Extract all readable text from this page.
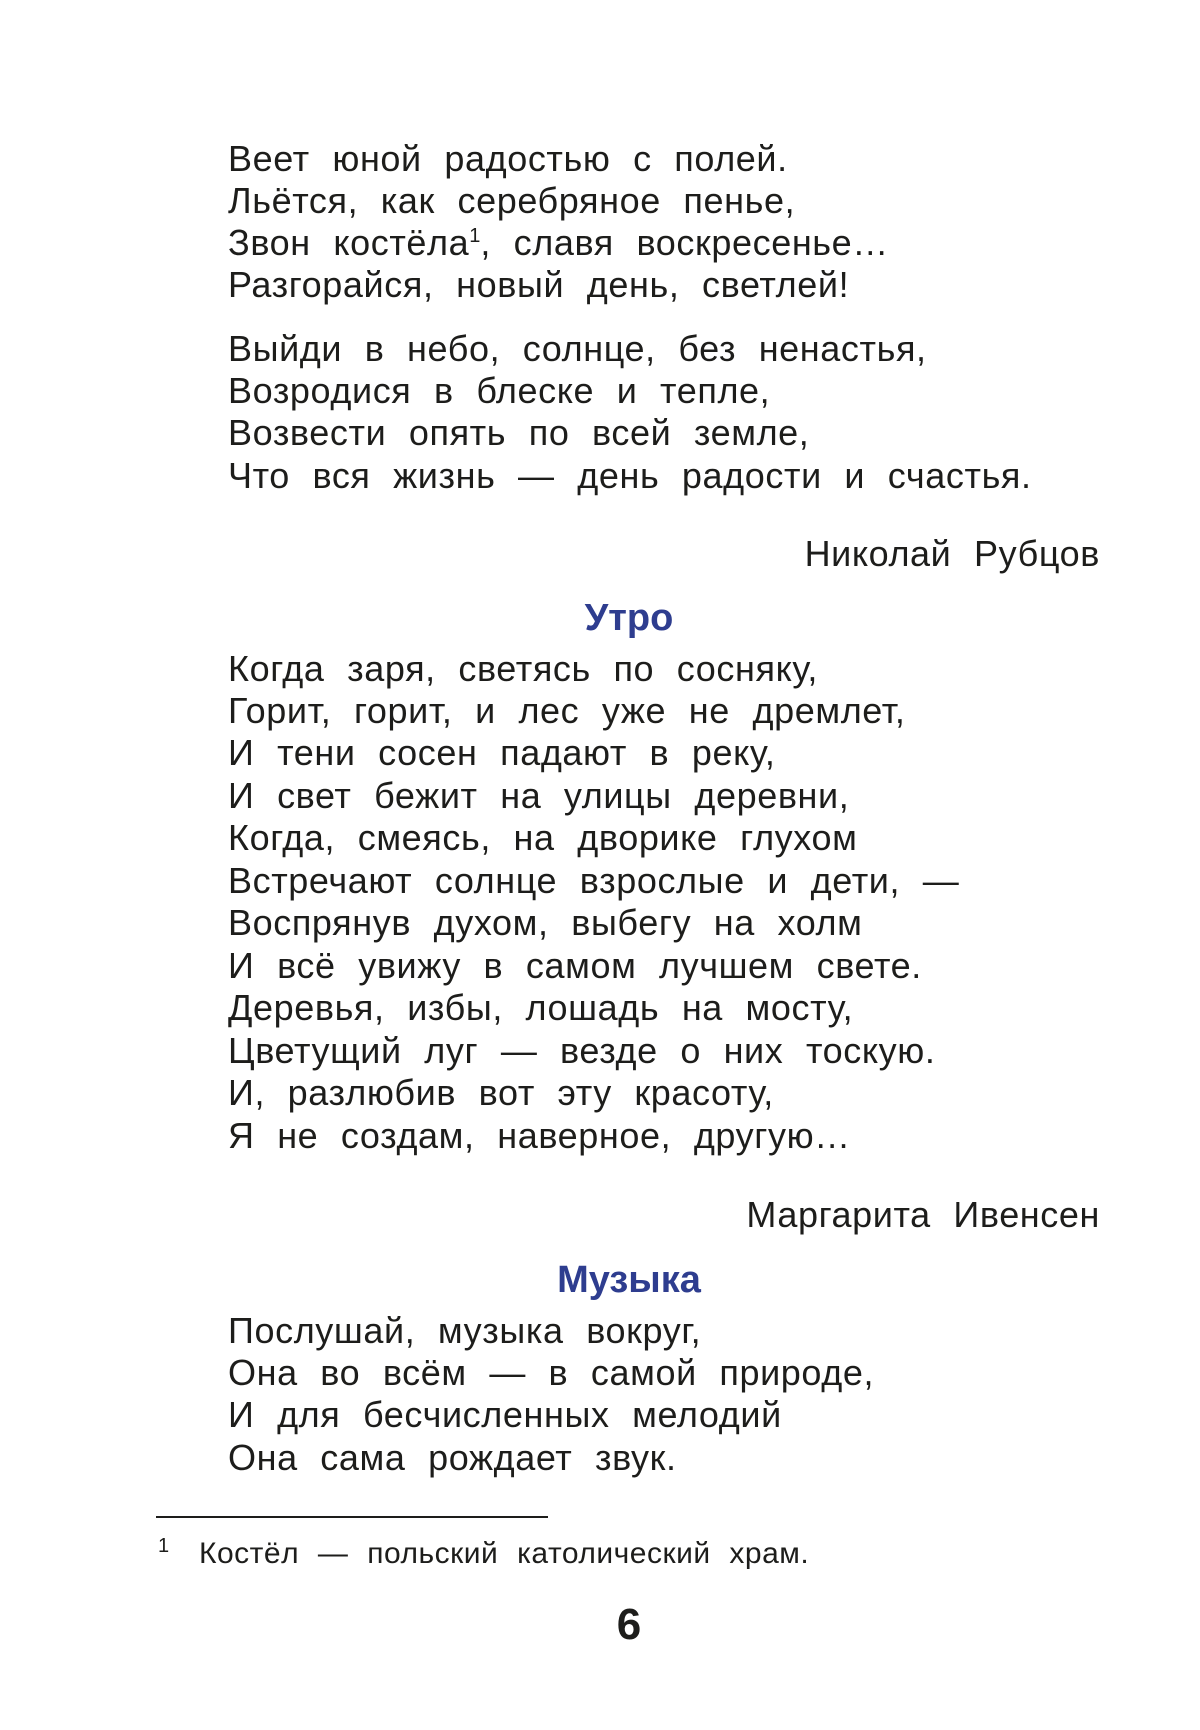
Веет юной радостью с полей.
Льётся, как серебряное пенье,
Звон костёла$^1$, славя воскресенье…
Разгорайся, новый день, светлей!
Выйди в небо, солнце, без ненастья,
Возродися в блеске и тепле,
Возвести опять по всей земле,
Что вся жизнь — день радости и счастья.
Николай Рубцов
Утро
Когда заря, светясь по сосняку,
Горит, горит, и лес уже не дремлет,
И тени сосен падают в реку,
И свет бежит на улицы деревни,
Когда, смеясь, на дворике глухом
Встречают солнце взрослые и дети, —
Воспрянув духом, выбегу на холм
И всё увижу в самом лучшем свете.
Деревья, избы, лошадь на мосту,
Цветущий луг — везде о них тоскую.
И, разлюбив вот эту красоту,
Я не создам, наверное, другую…
Маргарита Ивенсен
Музыка
Послушай, музыка вокруг,
Она во всём — в самой природе,
И для бесчисленных мелодий
Она сама рождает звук.
1 Костёл — польский католический храм.
6
